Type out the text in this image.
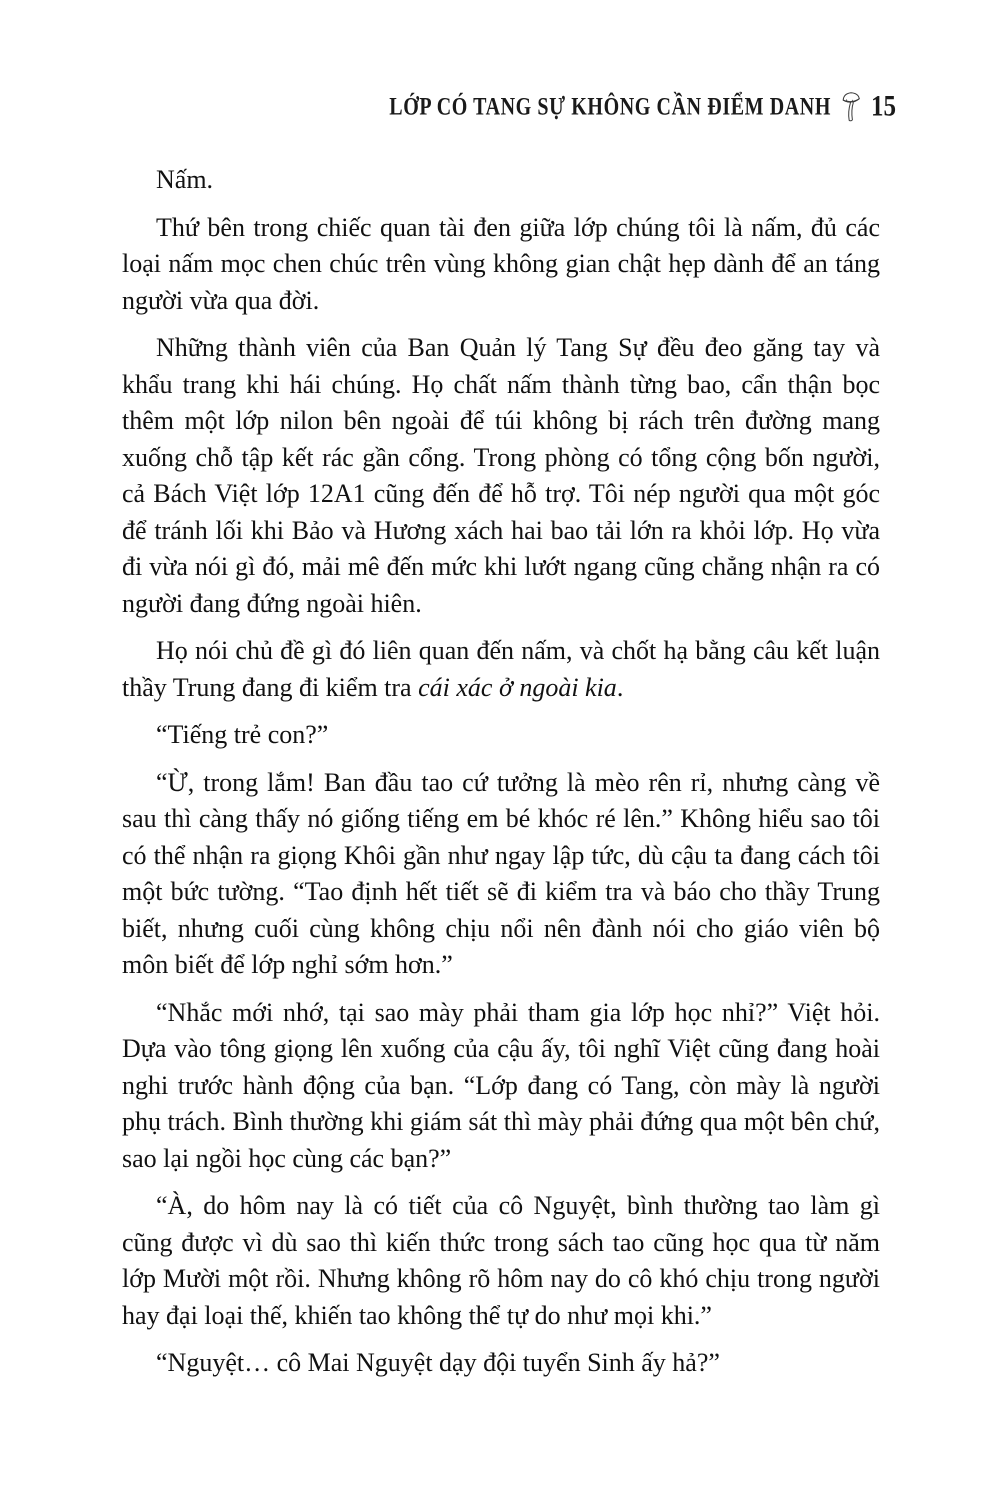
LỚP CÓ TANG SỰ KHÔNG CẦN ĐIỂM DANH 15

Nấm.

Thứ bên trong chiếc quan tài đen giữa lớp chúng tôi là nấm, đủ các loại nấm mọc chen chúc trên vùng không gian chật hẹp dành để an táng người vừa qua đời.

Những thành viên của Ban Quản lý Tang Sự đều đeo găng tay và khẩu trang khi hái chúng. Họ chất nấm thành từng bao, cẩn thận bọc thêm một lớp nilon bên ngoài để túi không bị rách trên đường mang xuống chỗ tập kết rác gần cổng. Trong phòng có tổng cộng bốn người, cả Bách Việt lớp 12A1 cũng đến để hỗ trợ. Tôi nép người qua một góc để tránh lối khi Bảo và Hương xách hai bao tải lớn ra khỏi lớp. Họ vừa đi vừa nói gì đó, mải mê đến mức khi lướt ngang cũng chẳng nhận ra có người đang đứng ngoài hiên.

Họ nói chủ đề gì đó liên quan đến nấm, và chốt hạ bằng câu kết luận thầy Trung đang đi kiểm tra cái xác ở ngoài kia.

“Tiếng trẻ con?”

“Ừ, trong lắm! Ban đầu tao cứ tưởng là mèo rên rỉ, nhưng càng về sau thì càng thấy nó giống tiếng em bé khóc ré lên.” Không hiểu sao tôi có thể nhận ra giọng Khôi gần như ngay lập tức, dù cậu ta đang cách tôi một bức tường. “Tao định hết tiết sẽ đi kiểm tra và báo cho thầy Trung biết, nhưng cuối cùng không chịu nổi nên đành nói cho giáo viên bộ môn biết để lớp nghỉ sớm hơn.”

“Nhắc mới nhớ, tại sao mày phải tham gia lớp học nhỉ?” Việt hỏi. Dựa vào tông giọng lên xuống của cậu ấy, tôi nghĩ Việt cũng đang hoài nghi trước hành động của bạn. “Lớp đang có Tang, còn mày là người phụ trách. Bình thường khi giám sát thì mày phải đứng qua một bên chứ, sao lại ngồi học cùng các bạn?”

“À, do hôm nay là có tiết của cô Nguyệt, bình thường tao làm gì cũng được vì dù sao thì kiến thức trong sách tao cũng học qua từ năm lớp Mười một rồi. Nhưng không rõ hôm nay do cô khó chịu trong người hay đại loại thế, khiến tao không thể tự do như mọi khi.”

“Nguyệt… cô Mai Nguyệt dạy đội tuyển Sinh ấy hả?”
